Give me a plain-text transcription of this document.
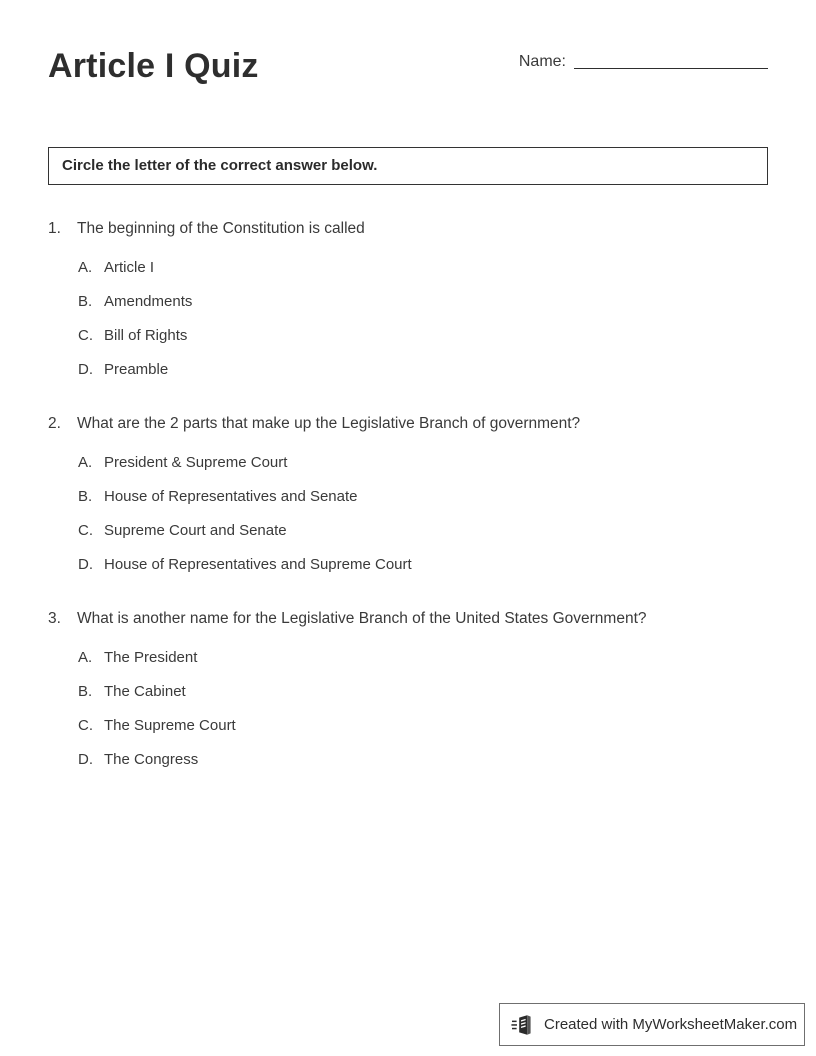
Article I Quiz	Name:
Circle the letter of the correct answer below.
1.	The beginning of the Constitution is called
A. Article I
B. Amendments
C. Bill of Rights
D. Preamble
2.	What are the 2 parts that make up the Legislative Branch of government?
A. President & Supreme Court
B. House of Representatives and Senate
C. Supreme Court and Senate
D. House of Representatives and Supreme Court
3.	What is another name for the Legislative Branch of the United States Government?
A. The President
B. The Cabinet
C. The Supreme Court
D. The Congress
Created with MyWorksheetMaker.com
